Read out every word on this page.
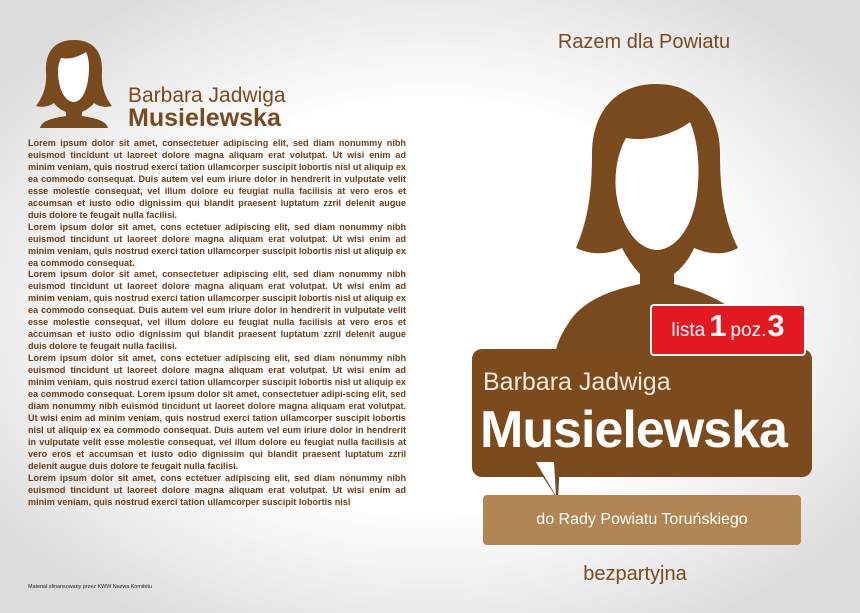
Barbara Jadwiga
Musielewska

Lorem ipsum dolor sit amet, consectetuer adipiscing elit, sed diam nonummy nibh euismod tincidunt ut laoreet dolore magna aliquam erat volutpat. Ut wisi enim ad minim veniam, quis nostrud exerci tation ullamcorper suscipit lobortis nisl ut aliquip ex ea commodo consequat. Duis autem vel eum iriure dolor in hendrerit in vulputate velit esse molestie consequat, vel illum dolore eu feugiat nulla facilisis at vero eros et accumsan et iusto odio dignissim qui blandit praesent luptatum zzril delenit augue duis dolore te feugait nulla facilisi.

Lorem ipsum dolor sit amet, cons ectetuer adipiscing elit, sed diam nonummy nibh euismod tincidunt ut laoreet dolore magna aliquam erat volutpat. Ut wisi enim ad minim veniam, quis nostrud exerci tation ullamcorper suscipit lobortis nisl ut aliquip ex ea commodo consequat.

Lorem ipsum dolor sit amet, consectetuer adipiscing elit, sed diam nonummy nibh euismod tincidunt ut laoreet dolore magna aliquam erat volutpat. Ut wisi enim ad minim veniam, quis nostrud exerci tation ullamcorper suscipit lobortis nisl ut aliquip ex ea commodo consequat. Duis autem vel eum iriure dolor in hendrerit in vulputate velit esse molestie consequat, vel illum dolore eu feugiat nulla facilisis at vero eros et accumsan et iusto odio dignissim qui blandit praesent luptatum zzril delenit augue duis dolore te feugait nulla facilisi.

Lorem ipsum dolor sit amet, cons ectetuer adipiscing elit, sed diam nonummy nibh euismod tincidunt ut laoreet dolore magna aliquam erat volutpat. Ut wisi enim ad minim veniam, quis nostrud exerci tation ullamcorper suscipit lobortis nisl ut aliquip ex ea commodo consequat. Lorem ipsum dolor sit amet, consectetuer adipi-scing elit, sed diam nonummy nibh euismod tincidunt ut laoreet dolore magna aliquam erat volutpat. Ut wisi enim ad minim veniam, quis nostrud exerci tation ullamcorper suscipit lobortis nisl ut aliquip ex ea commodo consequat. Duis autem vel eum iriure dolor in hendrerit in vulputate velit esse molestie consequat, vel illum dolore eu feugiat nulla facilisis at vero eros et accumsan et iusto odio dignissim qui blandit praesent luptatum zzril delenit augue duis dolore te feugait nulla facilisi.

Lorem ipsum dolor sit amet, cons ectetuer adipiscing elit, sed diam nonummy nibh euismod tincidunt ut laoreet dolore magna aliquam erat volutpat. Ut wisi enim ad minim veniam, quis nostrud exerci tation ullamcorper suscipit lobortis nisl

Materiał sfinansowany przez KWW Nazwa Komitetu
Razem dla Powiatu
Barbara Jadwiga
Musielewska
do Rady Powiatu Toruńskiego
lista 1 poz. 3
bezpartyjna
